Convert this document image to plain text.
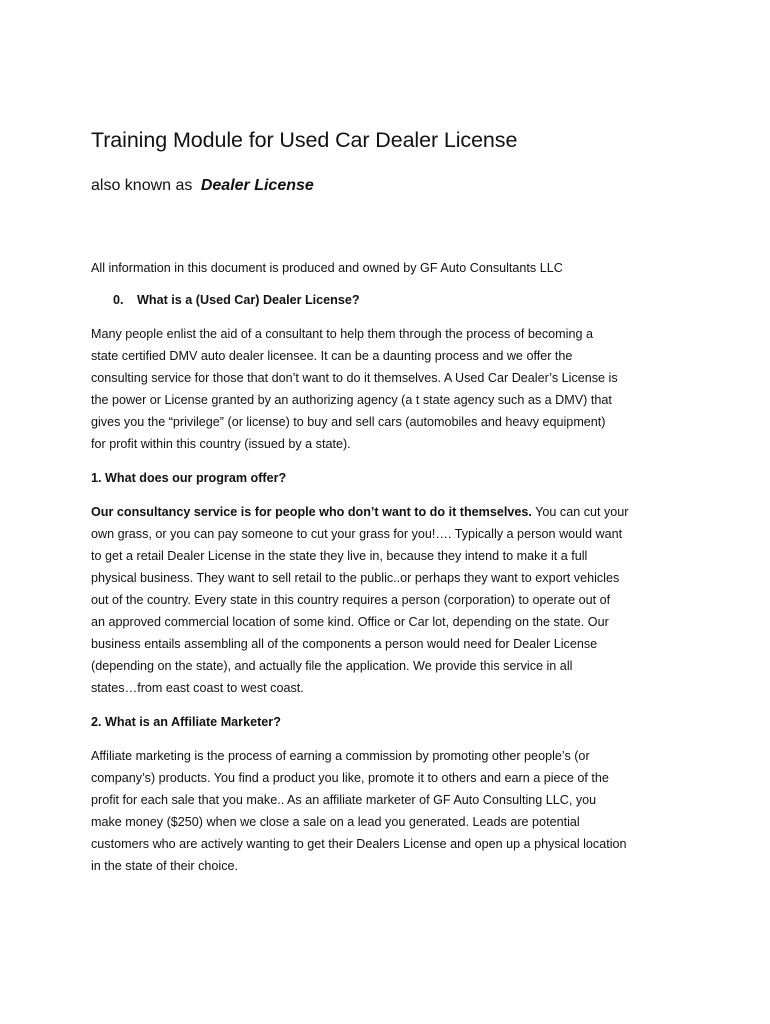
Training Module for Used Car Dealer License
also known as Dealer License
All information in this document is produced and owned by GF Auto Consultants LLC
0. What is a (Used Car) Dealer License?
Many people enlist the aid of a consultant to help them through the process of becoming a
state certified DMV auto dealer licensee. It can be a daunting process and we offer the
consulting service for those that don’t want to do it themselves. A Used Car Dealer’s License is
the power or License granted by an authorizing agency (a t state agency such as a DMV) that
gives you the “privilege” (or license) to buy and sell cars (automobiles and heavy equipment)
for profit within this country (issued by a state).
1. What does our program offer?
Our consultancy service is for people who don’t want to do it themselves. You can cut your
own grass, or you can pay someone to cut your grass for you!…. Typically a person would want
to get a retail Dealer License in the state they live in, because they intend to make it a full
physical business. They want to sell retail to the public..or perhaps they want to export vehicles
out of the country. Every state in this country requires a person (corporation) to operate out of
an approved commercial location of some kind. Office or Car lot, depending on the state. Our
business entails assembling all of the components a person would need for Dealer License
(depending on the state), and actually file the application. We provide this service in all
states…from east coast to west coast.
2. What is an Affiliate Marketer?
Affiliate marketing is the process of earning a commission by promoting other people’s (or
company’s) products. You find a product you like, promote it to others and earn a piece of the
profit for each sale that you make.. As an affiliate marketer of GF Auto Consulting LLC, you
make money ($250) when we close a sale on a lead you generated. Leads are potential
customers who are actively wanting to get their Dealers License and open up a physical location
in the state of their choice.
